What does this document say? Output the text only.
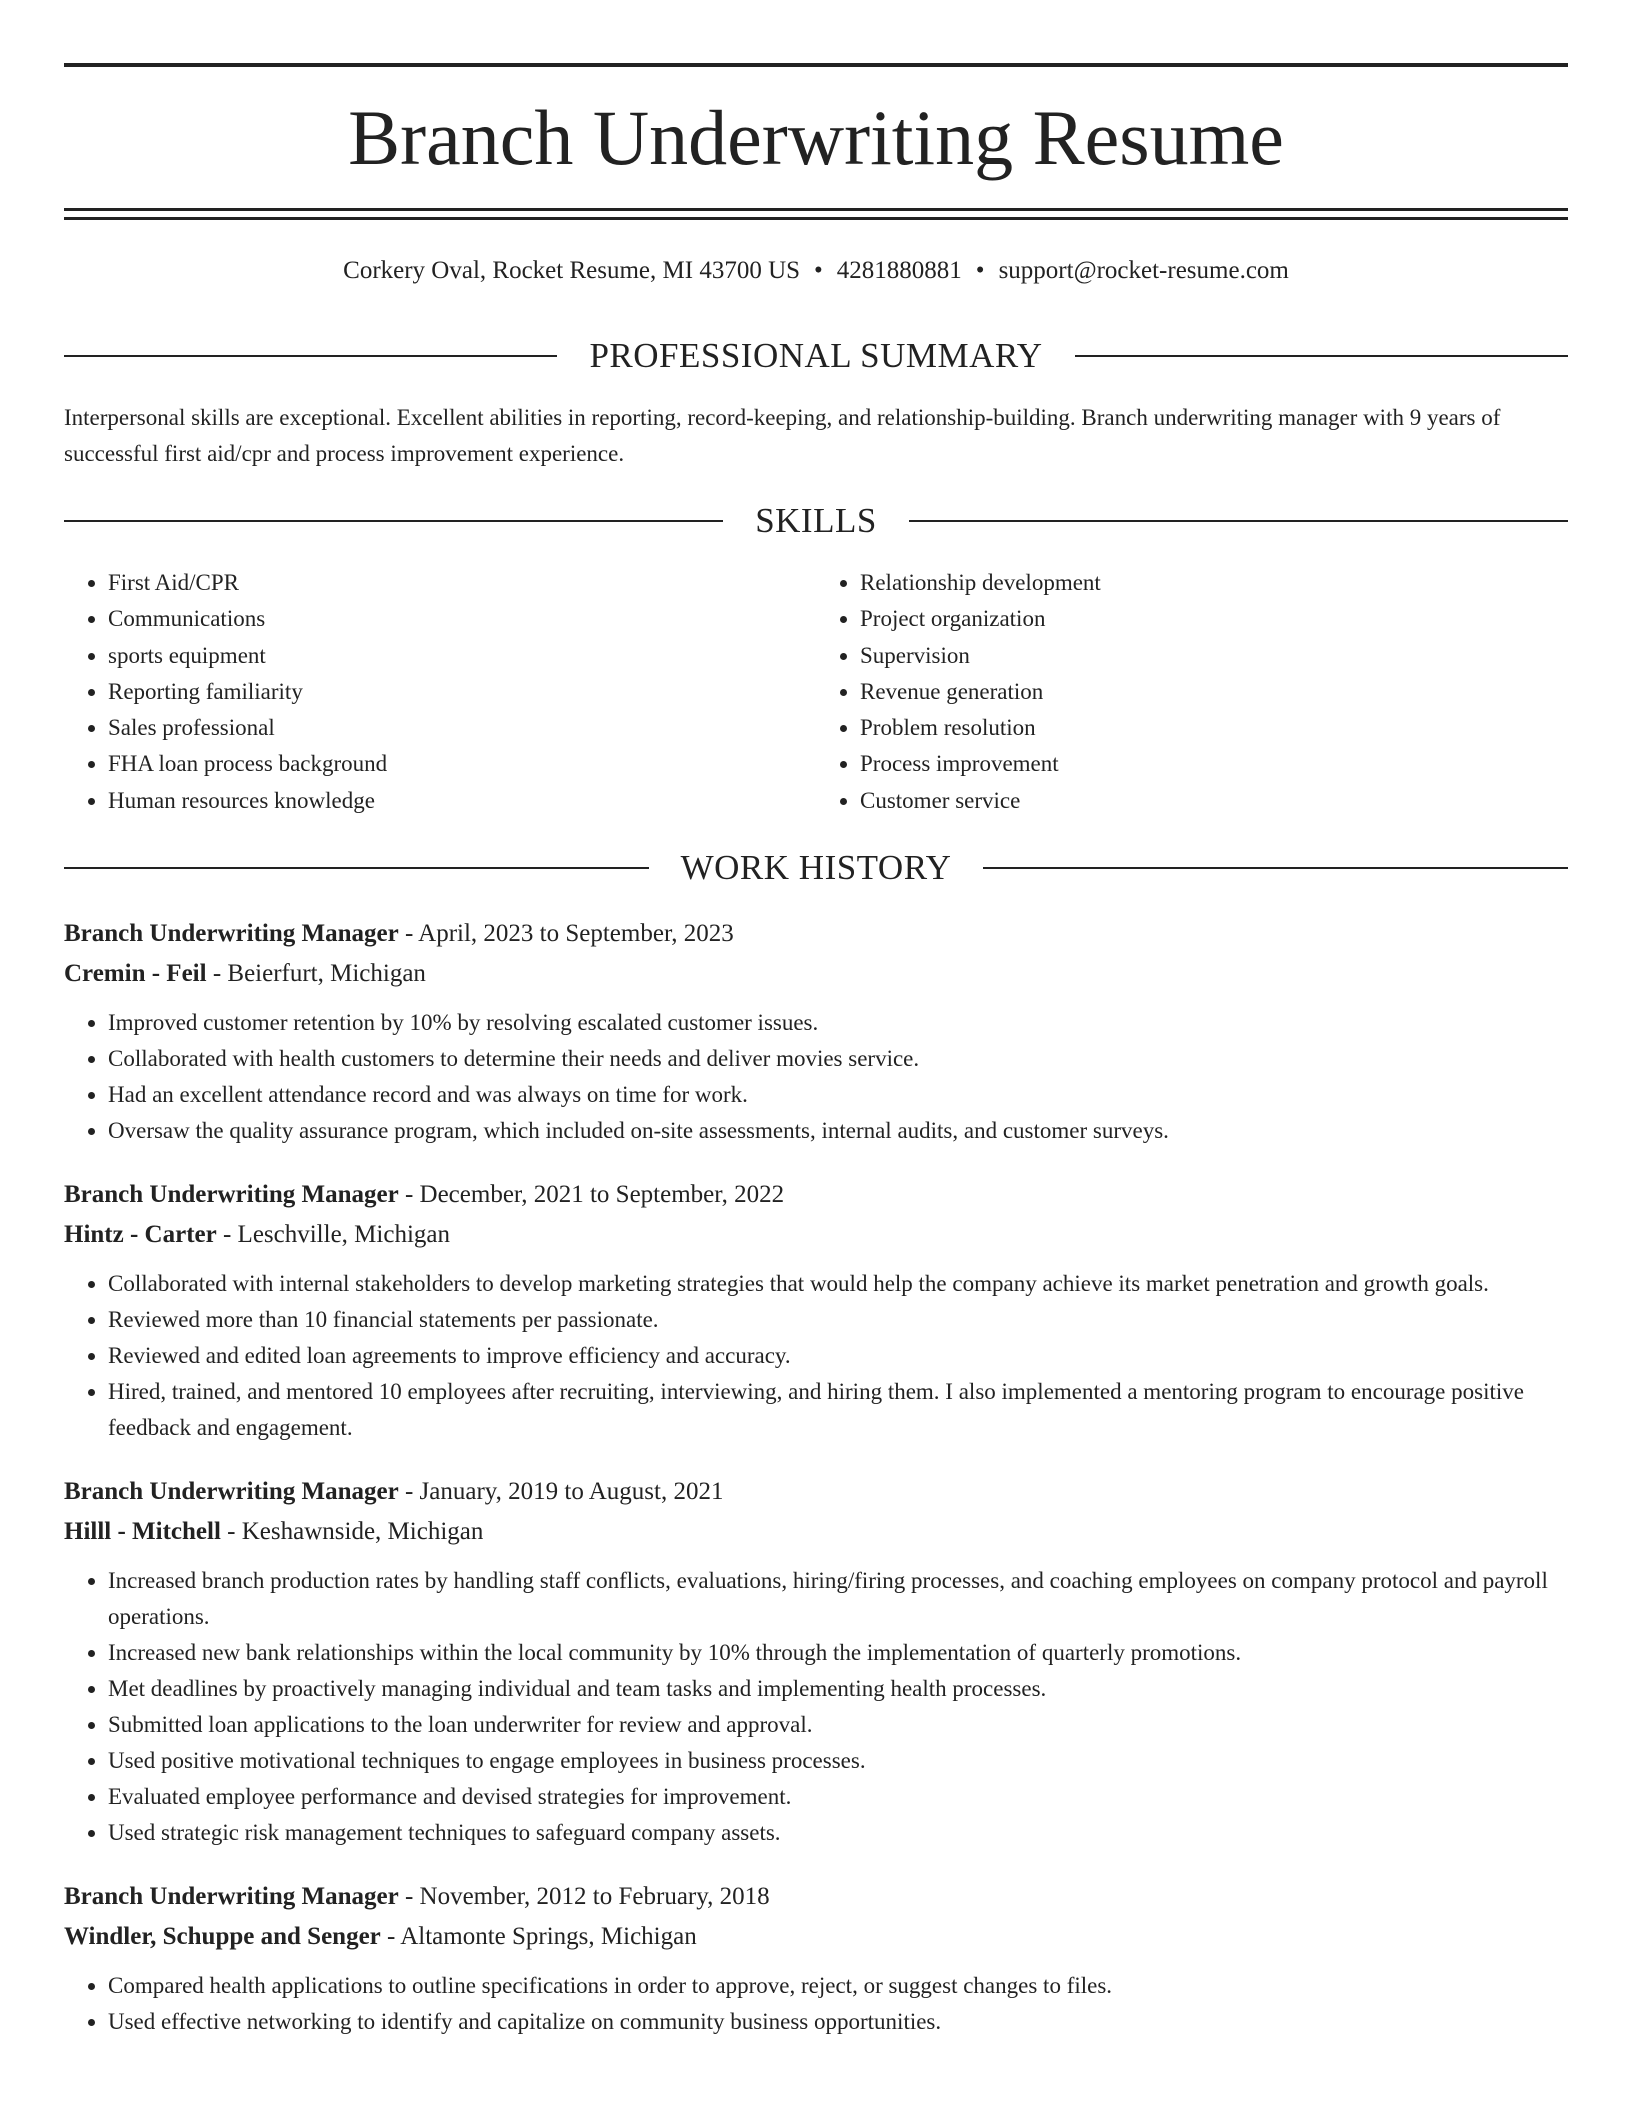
Branch Underwriting Resume
Corkery Oval, Rocket Resume, MI 43700 US • 4281880881 • support@rocket-resume.com
PROFESSIONAL SUMMARY

Interpersonal skills are exceptional. Excellent abilities in reporting, record-keeping, and relationship-building. Branch underwriting manager with 9 years of successful first aid/cpr and process improvement experience.

SKILLS
• First Aid/CPR
• Communications
• sports equipment
• Reporting familiarity
• Sales professional
• FHA loan process background
• Human resources knowledge
• Relationship development
• Project organization
• Supervision
• Revenue generation
• Problem resolution
• Process improvement
• Customer service
WORK HISTORY
Branch Underwriting Manager - April, 2023 to September, 2023
Cremin - Feil - Beierfurt, Michigan
• Improved customer retention by 10% by resolving escalated customer issues.
• Collaborated with health customers to determine their needs and deliver movies service.
• Had an excellent attendance record and was always on time for work.
• Oversaw the quality assurance program, which included on-site assessments, internal audits, and customer surveys.
Branch Underwriting Manager - December, 2021 to September, 2022
Hintz - Carter - Leschville, Michigan
• Collaborated with internal stakeholders to develop marketing strategies that would help the company achieve its market penetration and growth goals.
• Reviewed more than 10 financial statements per passionate.
• Reviewed and edited loan agreements to improve efficiency and accuracy.
• Hired, trained, and mentored 10 employees after recruiting, interviewing, and hiring them. I also implemented a mentoring program to encourage positive feedback and engagement.
Branch Underwriting Manager - January, 2019 to August, 2021
Hilll - Mitchell - Keshawnside, Michigan
• Increased branch production rates by handling staff conflicts, evaluations, hiring/firing processes, and coaching employees on company protocol and payroll operations.
• Increased new bank relationships within the local community by 10% through the implementation of quarterly promotions.
• Met deadlines by proactively managing individual and team tasks and implementing health processes.
• Submitted loan applications to the loan underwriter for review and approval.
• Used positive motivational techniques to engage employees in business processes.
• Evaluated employee performance and devised strategies for improvement.
• Used strategic risk management techniques to safeguard company assets.
Branch Underwriting Manager - November, 2012 to February, 2018
Windler, Schuppe and Senger - Altamonte Springs, Michigan
• Compared health applications to outline specifications in order to approve, reject, or suggest changes to files.
• Used effective networking to identify and capitalize on community business opportunities.
